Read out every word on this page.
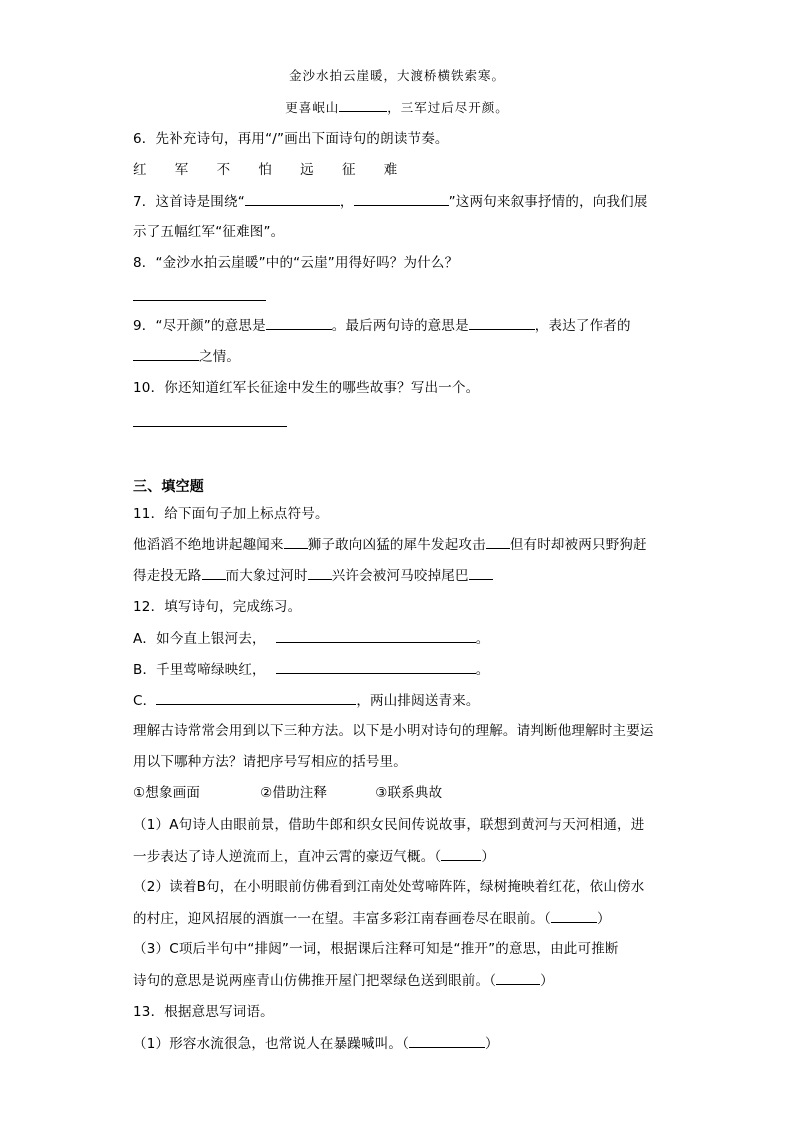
金沙水拍云崖暖，大渡桥横铁索寒。
更喜岷山	，三军过后尽开颜。
6．先补充诗句，再用“/”画出下面诗句的朗读节奏。
红 军 不 怕 远 征 难
7．这首诗是围绕“	，	”这两句来叙事抒情的，向我们展
示了五幅红军“征难图”。
8．“金沙水拍云崖暖”中的“云崖”用得好吗？为什么？
9．“尽开颜”的意思是	。最后两句诗的意思是	，表达了作者的
之情。
10．你还知道红军长征途中发生的哪些故事？写出一个。
三、填空题
11．给下面句子加上标点符号。
他滔滔不绝地讲起趣闻来 狮子敢向凶猛的犀牛发起攻击 但有时却被两只野狗赶
得走投无路 而大象过河时 兴许会被河马咬掉尾巴
12．填写诗句，完成练习。
A．如今直上银河去，	。
B．千里莺啼绿映红，	。
C．	，两山排闼送青来。
理解古诗常常会用到以下三种方法。以下是小明对诗句的理解。请判断他理解时主要运
用以下哪种方法？请把序号写相应的括号里。
①想象画面	②借助注释	③联系典故
（1）A句诗人由眼前景，借助牛郎和织女民间传说故事，联想到黄河与天河相通，进
一步表达了诗人逆流而上，直冲云霄的豪迈气概。（	）
（2）读着B句，在小明眼前仿佛看到江南处处莺啼阵阵，绿树掩映着红花，依山傍水
的村庄，迎风招展的酒旗一一在望。丰富多彩江南春画卷尽在眼前。（	）
（3）C项后半句中“排闼”一词，根据课后注释可知是“推开”的意思，由此可推断
诗句的意思是说两座青山仿佛推开屋门把翠绿色送到眼前。（	）
13．根据意思写词语。
（1）形容水流很急，也常说人在暴躁喊叫。（	）
